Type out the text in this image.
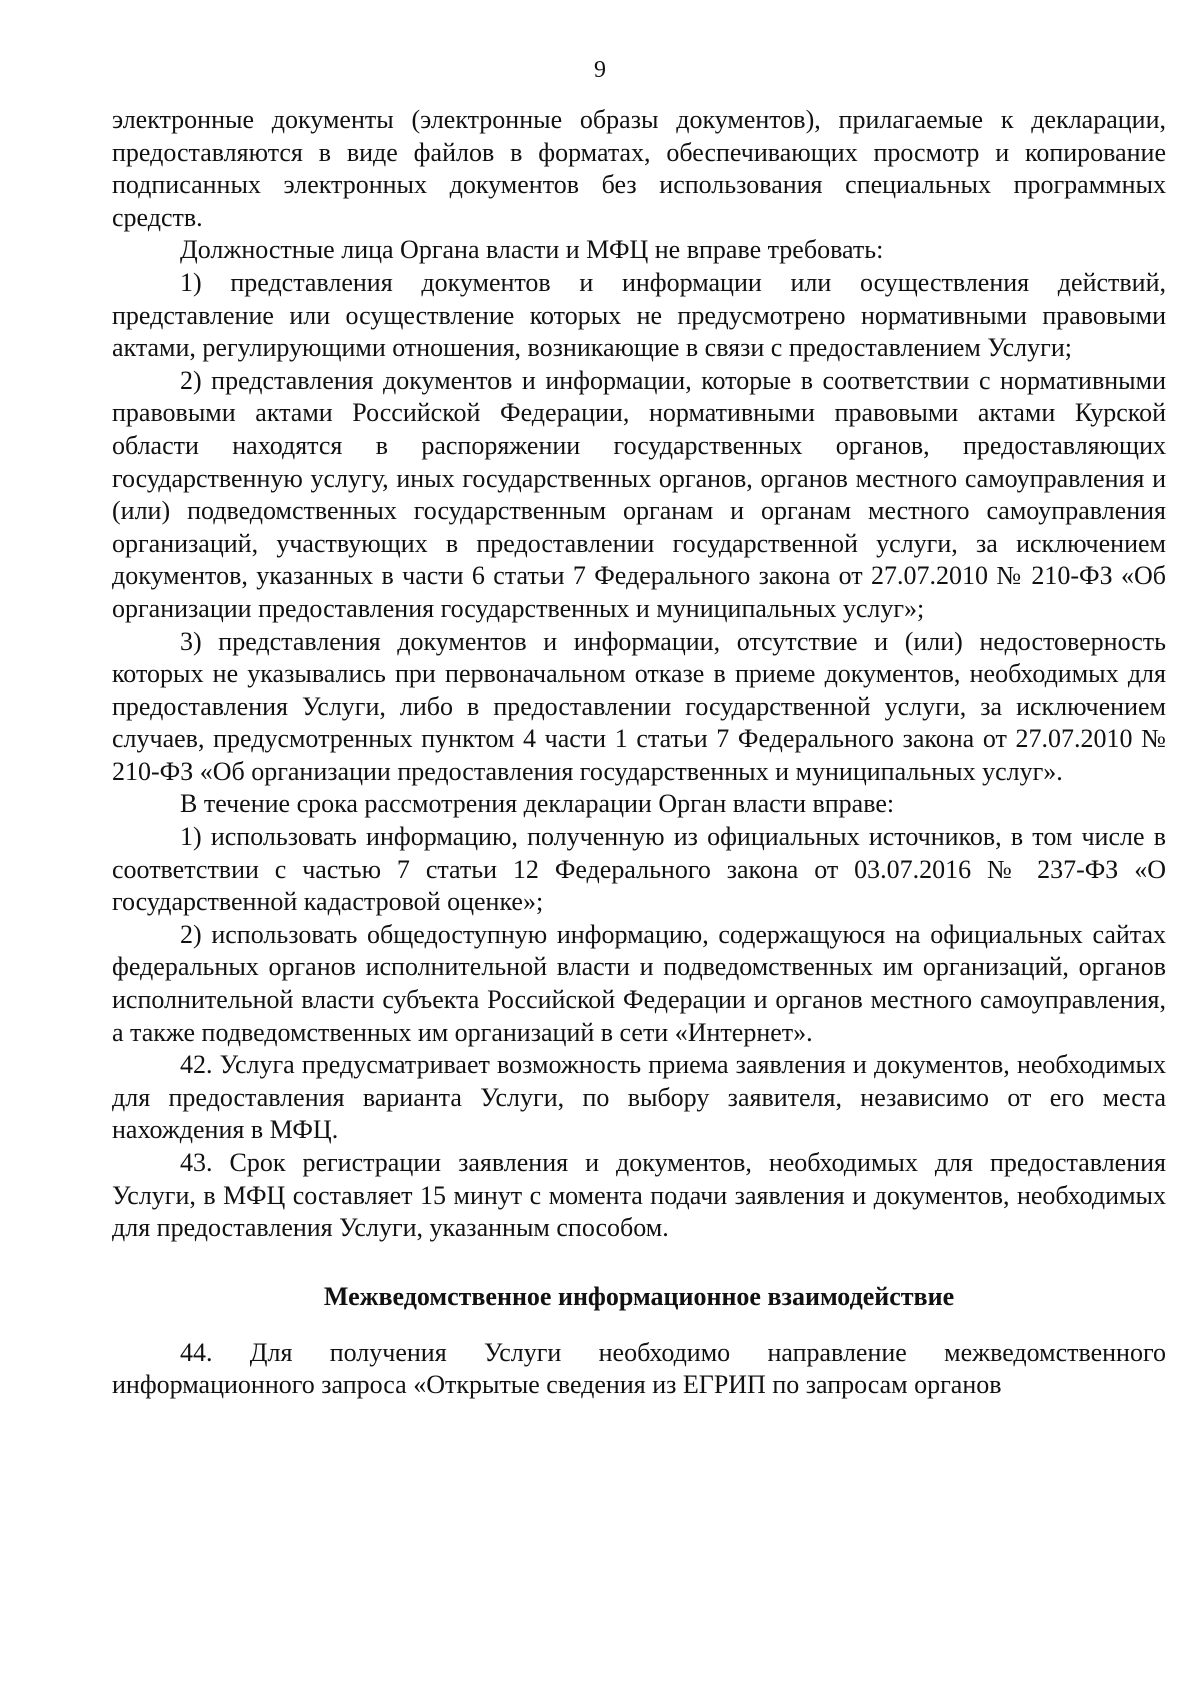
9

электронные документы (электронные образы документов), прилагаемые к декларации, предоставляются в виде файлов в форматах, обеспечивающих просмотр и копирование подписанных электронных документов без использования специальных программных средств.

Должностные лица Органа власти и МФЦ не вправе требовать:

1) представления документов и информации или осуществления действий, представление или осуществление которых не предусмотрено нормативными правовыми актами, регулирующими отношения, возникающие в связи с предоставлением Услуги;

2) представления документов и информации, которые в соответствии с нормативными правовыми актами Российской Федерации, нормативными правовыми актами Курской области находятся в распоряжении государственных органов, предоставляющих государственную услугу, иных государственных органов, органов местного самоуправления и (или) подведомственных государственным органам и органам местного самоуправления организаций, участвующих в предоставлении государственной услуги, за исключением документов, указанных в части 6 статьи 7 Федерального закона от 27.07.2010 № 210-ФЗ «Об организации предоставления государственных и муниципальных услуг»;

3) представления документов и информации, отсутствие и (или) недостоверность которых не указывались при первоначальном отказе в приеме документов, необходимых для предоставления Услуги, либо в предоставлении государственной услуги, за исключением случаев, предусмотренных пунктом 4 части 1 статьи 7 Федерального закона от 27.07.2010 № 210-ФЗ «Об организации предоставления государственных и муниципальных услуг».

В течение срока рассмотрения декларации Орган власти вправе:

1) использовать информацию, полученную из официальных источников, в том числе в соответствии с частью 7 статьи 12 Федерального закона от 03.07.2016 № 237-ФЗ «О государственной кадастровой оценке»;

2) использовать общедоступную информацию, содержащуюся на официальных сайтах федеральных органов исполнительной власти и подведомственных им организаций, органов исполнительной власти субъекта Российской Федерации и органов местного самоуправления, а также подведомственных им организаций в сети «Интернет».

42. Услуга предусматривает возможность приема заявления и документов, необходимых для предоставления варианта Услуги, по выбору заявителя, независимо от его места нахождения в МФЦ.

43. Срок регистрации заявления и документов, необходимых для предоставления Услуги, в МФЦ составляет 15 минут с момента подачи заявления и документов, необходимых для предоставления Услуги, указанным способом.

Межведомственное информационное взаимодействие

44. Для получения Услуги необходимо направление межведомственного информационного запроса «Открытые сведения из ЕГРИП по запросам органов
